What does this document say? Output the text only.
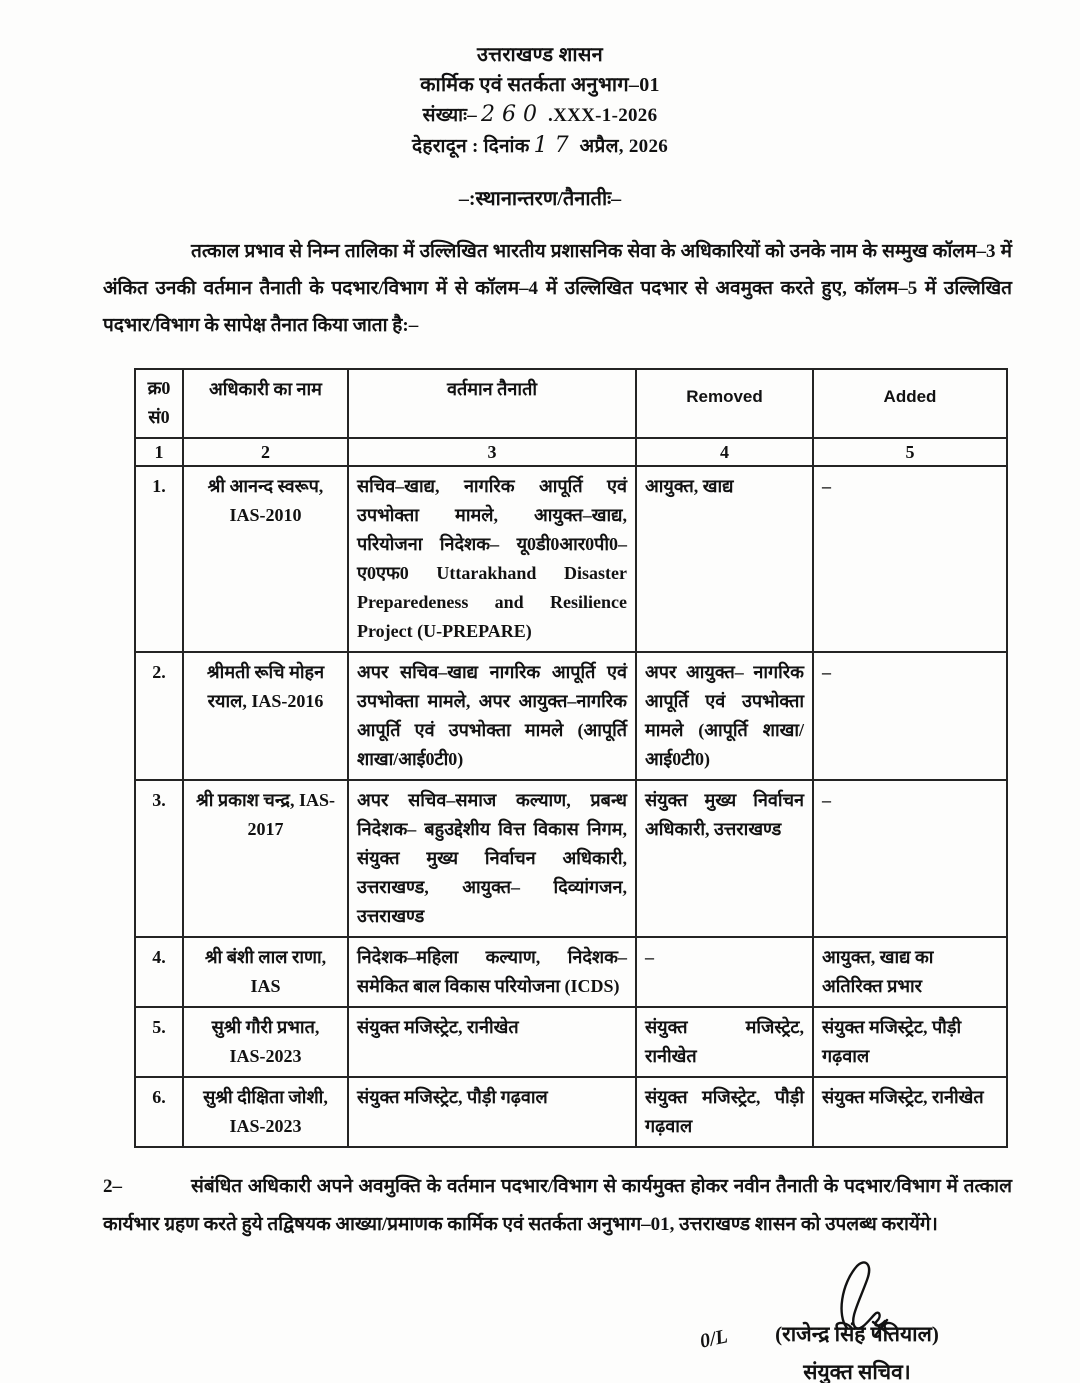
उत्तराखण्ड शासन
कार्मिक एवं सतर्कता अनुभाग–01
संख्याः– 260 .XXX-1-2026
देहरादून : दिनांक 17 अप्रैल, 2026
–:स्थानान्तरण/तैनातीः–

तत्काल प्रभाव से निम्न तालिका में उल्लिखित भारतीय प्रशासनिक सेवा के अधिकारियों को उनके नाम के सम्मुख कॉलम–3 में अंकित उनकी वर्तमान तैनाती के पदभार/विभाग में से कॉलम–4 में उल्लिखित पदभार से अवमुक्त करते हुए, कॉलम–5 में उल्लिखित पदभार/विभाग के सापेक्ष तैनात किया जाता है:–

क्र0 सं0	अधिकारी का नाम	वर्तमान तैनाती	Removed	Added
1	2	3	4	5
1.	श्री आनन्द स्वरूप, IAS-2010	सचिव–खाद्य, नागरिक आपूर्ति एवं उपभोक्ता मामले, आयुक्त–खाद्य, परियोजना निदेशक– यू0डी0आर0पी0–ए0एफ0 Uttarakhand Disaster Preparedeness and Resilience Project (U-PREPARE)	आयुक्त, खाद्य	–
2.	श्रीमती रूचि मोहन रयाल, IAS-2016	अपर सचिव–खाद्य नागरिक आपूर्ति एवं उपभोक्ता मामले, अपर आयुक्त–नागरिक आपूर्ति एवं उपभोक्ता मामले (आपूर्ति शाखा/आई0टी0)	अपर आयुक्त– नागरिक आपूर्ति एवं उपभोक्ता मामले (आपूर्ति शाखा/ आई0टी0)	–
3.	श्री प्रकाश चन्द्र, IAS-2017	अपर सचिव–समाज कल्याण, प्रबन्ध निदेशक– बहुउद्देशीय वित्त विकास निगम, संयुक्त मुख्य निर्वाचन अधिकारी, उत्तराखण्ड, आयुक्त– दिव्यांगजन, उत्तराखण्ड	संयुक्त मुख्य निर्वाचन अधिकारी, उत्तराखण्ड	–
4.	श्री बंशी लाल राणा, IAS	निदेशक–महिला कल्याण, निदेशक–समेकित बाल विकास परियोजना (ICDS)	–	आयुक्त, खाद्य का अतिरिक्त प्रभार
5.	सुश्री गौरी प्रभात, IAS-2023	संयुक्त मजिस्ट्रेट, रानीखेत	संयुक्त मजिस्ट्रेट, रानीखेत	संयुक्त मजिस्ट्रेट, पौड़ी गढ़वाल
6.	सुश्री दीक्षिता जोशी, IAS-2023	संयुक्त मजिस्ट्रेट, पौड़ी गढ़वाल	संयुक्त मजिस्ट्रेट, पौड़ी गढ़वाल	संयुक्त मजिस्ट्रेट, रानीखेत

2–	संबंधित अधिकारी अपने अवमुक्ति के वर्तमान पदभार/विभाग से कार्यमुक्त होकर नवीन तैनाती के पदभार/विभाग में तत्काल कार्यभार ग्रहण करते हुये तद्विषयक आख्या/प्रमाणक कार्मिक एवं सतर्कता अनुभाग–01, उत्तराखण्ड शासन को उपलब्ध करायेंगे।

0/L	(राजेन्द्र सिंह पतियाल)
संयुक्त सचिव।
